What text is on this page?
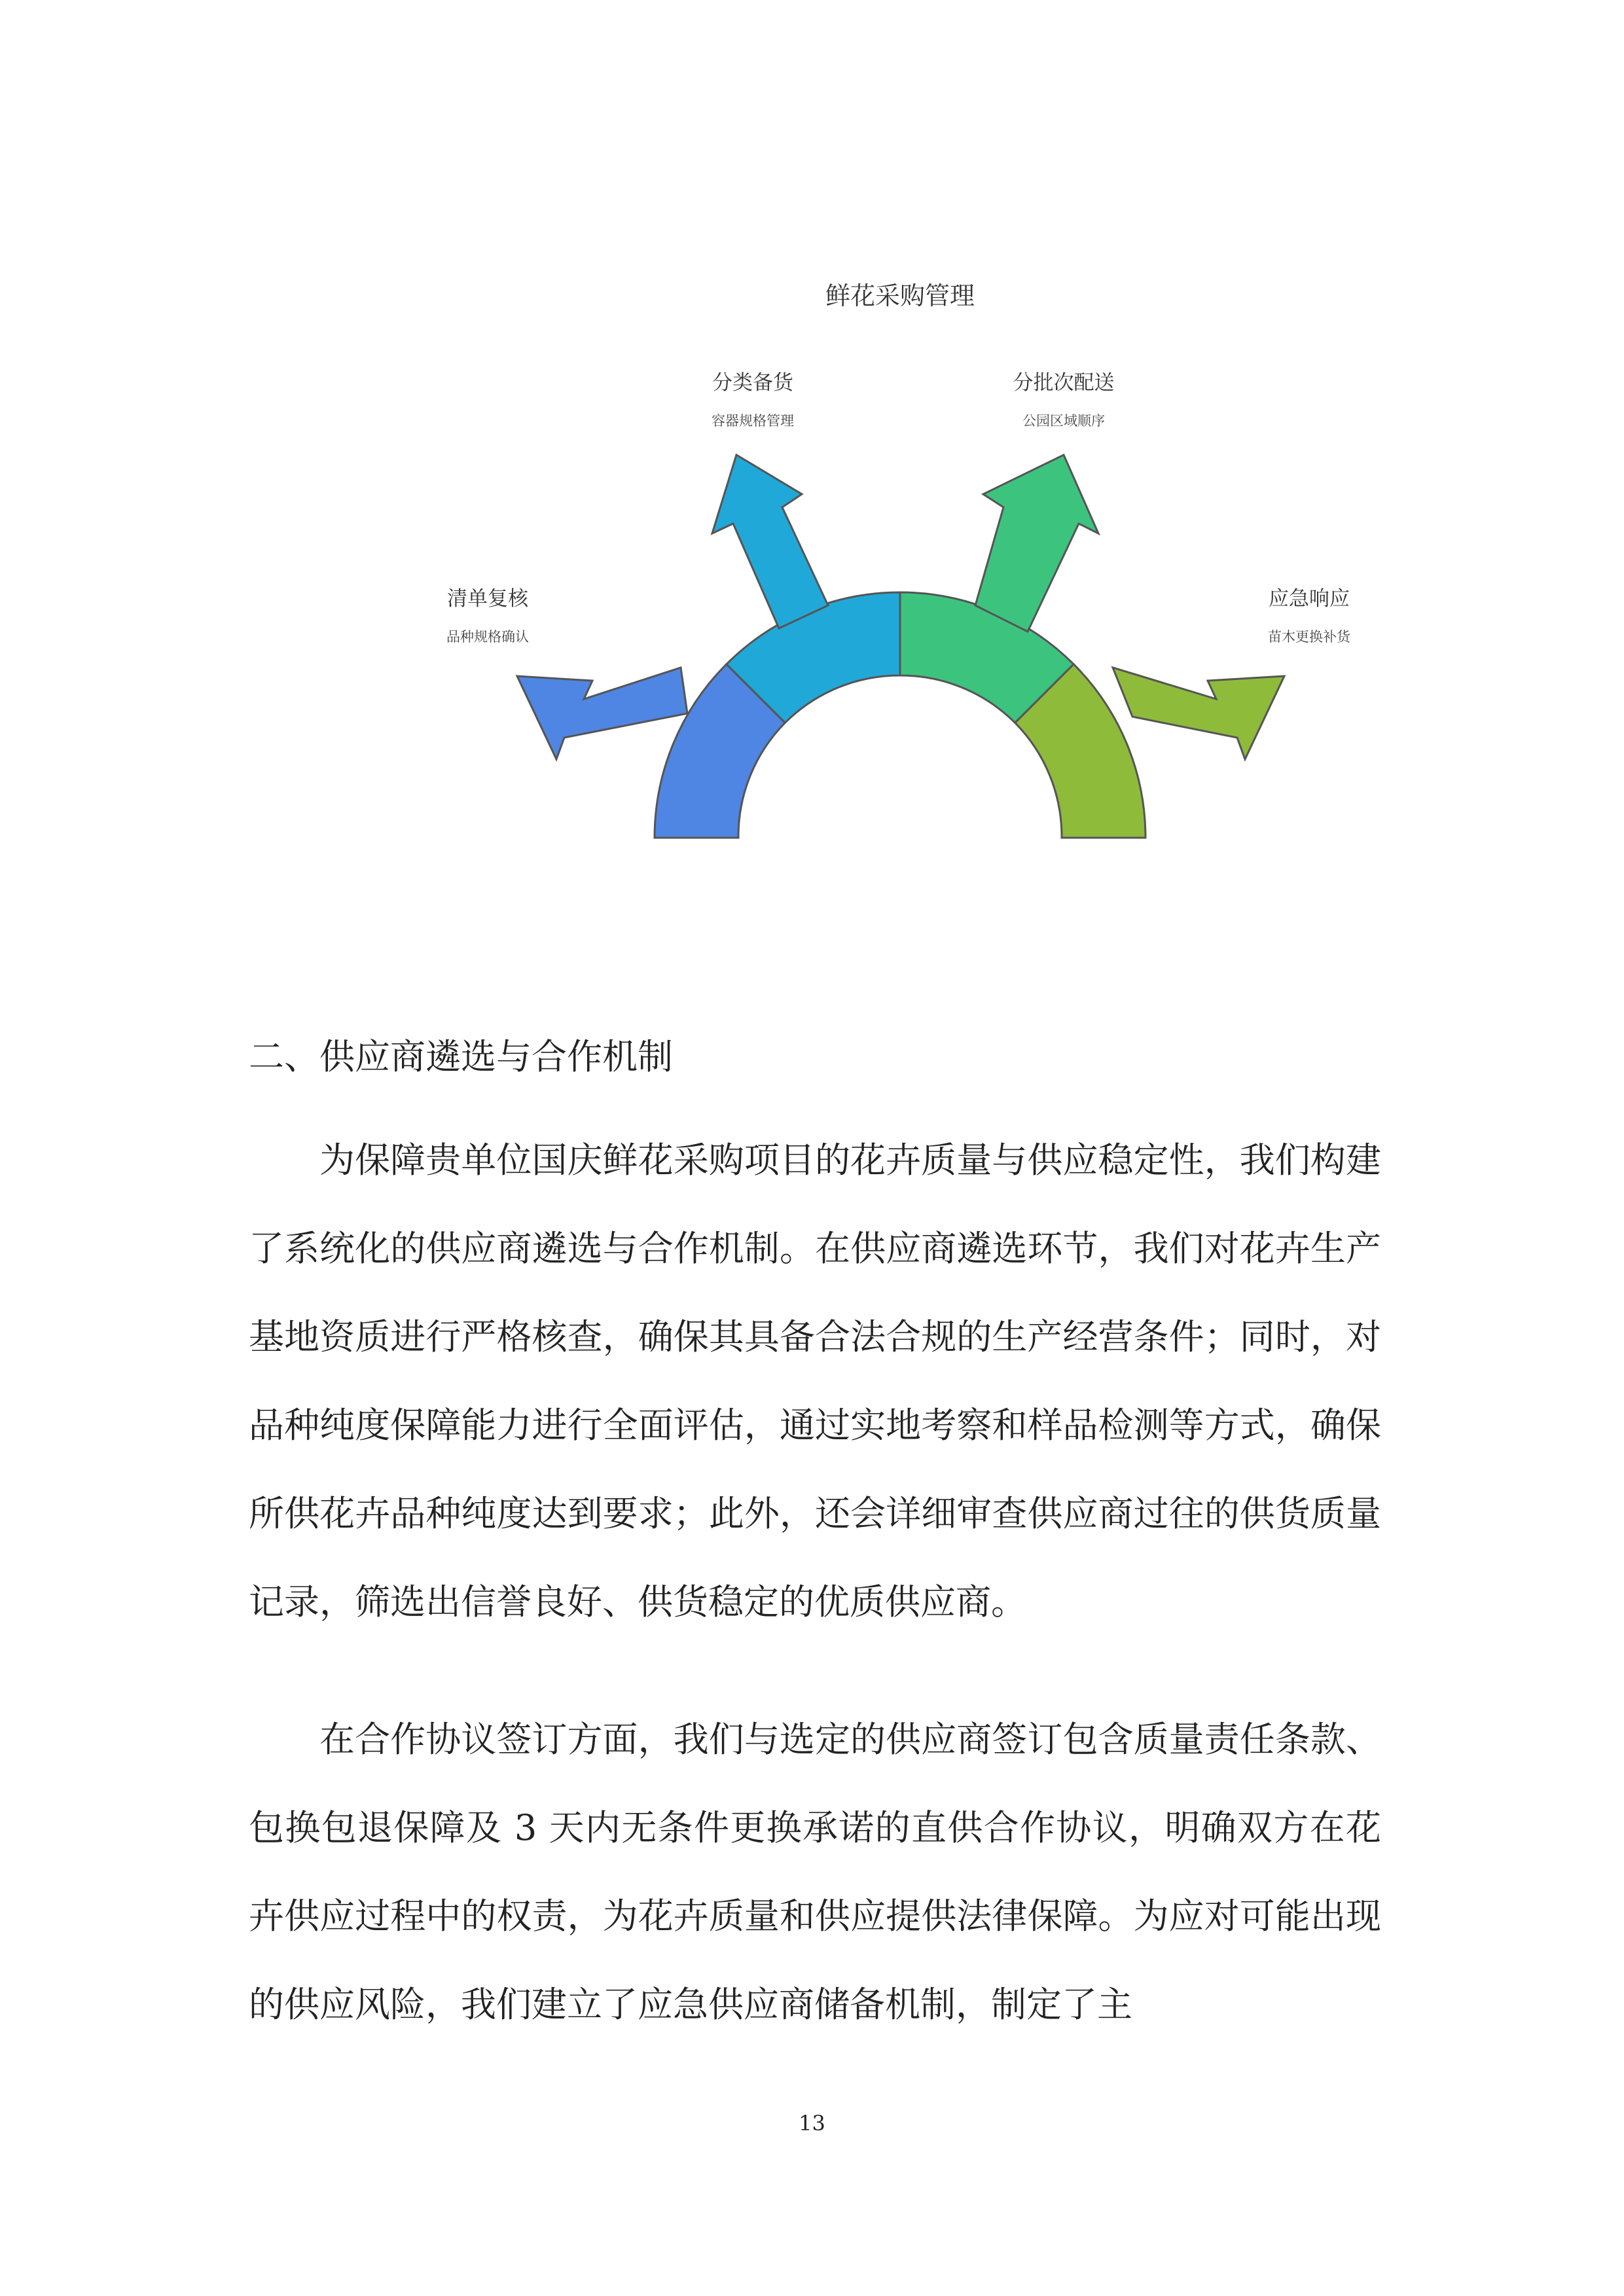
鲜花采购管理
清单复核
品种规格确认
分类备货
容器规格管理
分批次配送
公园区域顺序
应急响应
苗木更换补货
二、供应商遴选与合作机制

为保障贵单位国庆鲜花采购项目的花卉质量与供应稳定性，我们构建了系统化的供应商遴选与合作机制。在供应商遴选环节，我们对花卉生产基地资质进行严格核查，确保其具备合法合规的生产经营条件；同时，对品种纯度保障能力进行全面评估，通过实地考察和样品检测等方式，确保所供花卉品种纯度达到要求；此外，还会详细审查供应商过往的供货质量记录，筛选出信誉良好、供货稳定的优质供应商。

在合作协议签订方面，我们与选定的供应商签订包含质量责任条款、包换包退保障及 3 天内无条件更换承诺的直供合作协议，明确双方在花卉供应过程中的权责，为花卉质量和供应提供法律保障。为应对可能出现的供应风险，我们建立了应急供应商储备机制，制定了主

13
